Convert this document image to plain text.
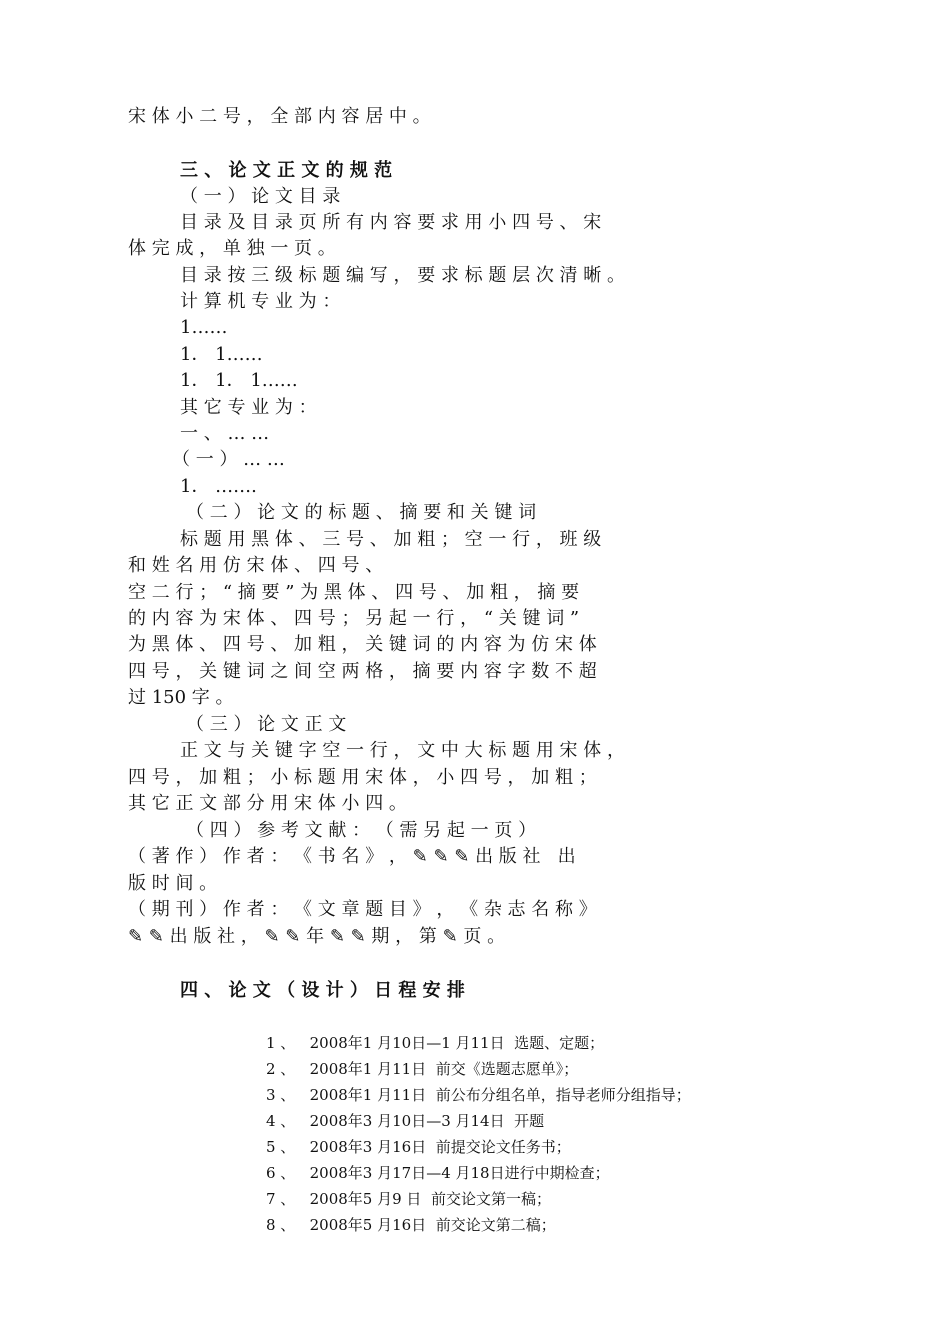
宋 体 小 二 号 ， 全 部 内 容 居 中 。
三 、 论 文 正 文 的 规 范
（ 一 ） 论 文 目 录
目 录 及 目 录 页 所 有 内 容 要 求 用 小 四 号 、 宋
体 完 成 ， 单 独 一 页 。
目 录 按 三 级 标 题 编 写 ， 要 求 标 题 层 次 清 晰 。
计 算 机 专 业 为 ：
1……
1． 1……
1． 1． 1……
其 它 专 业 为 ：
一 、 … …
（ 一 ） … …
1． …….
（ 二 ） 论 文 的 标 题 、 摘 要 和 关 键 词
标 题 用 黑 体 、 三 号 、 加 粗 ； 空 一 行 ， 班 级
和 姓 名 用 仿 宋 体 、 四 号 、
空 二 行 ； “ 摘 要 ” 为 黑 体 、 四 号 、 加 粗 ， 摘 要
的 内 容 为 宋 体 、 四 号 ； 另 起 一 行 ， “ 关 键 词 ”
为 黑 体 、 四 号 、 加 粗 ， 关 键 词 的 内 容 为 仿 宋 体
四 号 ， 关 键 词 之 间 空 两 格 ， 摘 要 内 容 字 数 不 超
过 150 字 。
（ 三 ） 论 文 正 文
正 文 与 关 键 字 空 一 行 ， 文 中 大 标 题 用 宋 体 ，
四 号 ， 加 粗 ； 小 标 题 用 宋 体 ， 小 四 号 ， 加 粗 ；
其 它 正 文 部 分 用 宋 体 小 四 。
（ 四 ） 参 考 文 献 ： （ 需 另 起 一 页 ）
（ 著 作 ） 作 者 ： 《 书 名 》 ， ✎ ✎ ✎ 出 版 社   出
版 时 间 。
（ 期 刊 ） 作 者 ： 《 文 章 题 目 》 ， 《 杂 志 名 称 》
✎ ✎ 出 版 社 ， ✎ ✎ 年 ✎ ✎ 期 ， 第 ✎ 页 。
四 、 论 文 （ 设 计 ） 日 程 安 排
1 、   2008年1 月10日—1 月11日  选题、定题；
2 、   2008年1 月11日  前交《选题志愿单》；
3 、   2008年1 月11日  前公布分组名单，指导老师分组指导；
4 、   2008年3 月10日—3 月14日  开题
5 、   2008年3 月16日  前提交论文任务书；
6 、   2008年3 月17日—4 月18日进行中期检查；
7 、   2008年5 月9 日  前交论文第一稿；
8 、   2008年5 月16日  前交论文第二稿；
